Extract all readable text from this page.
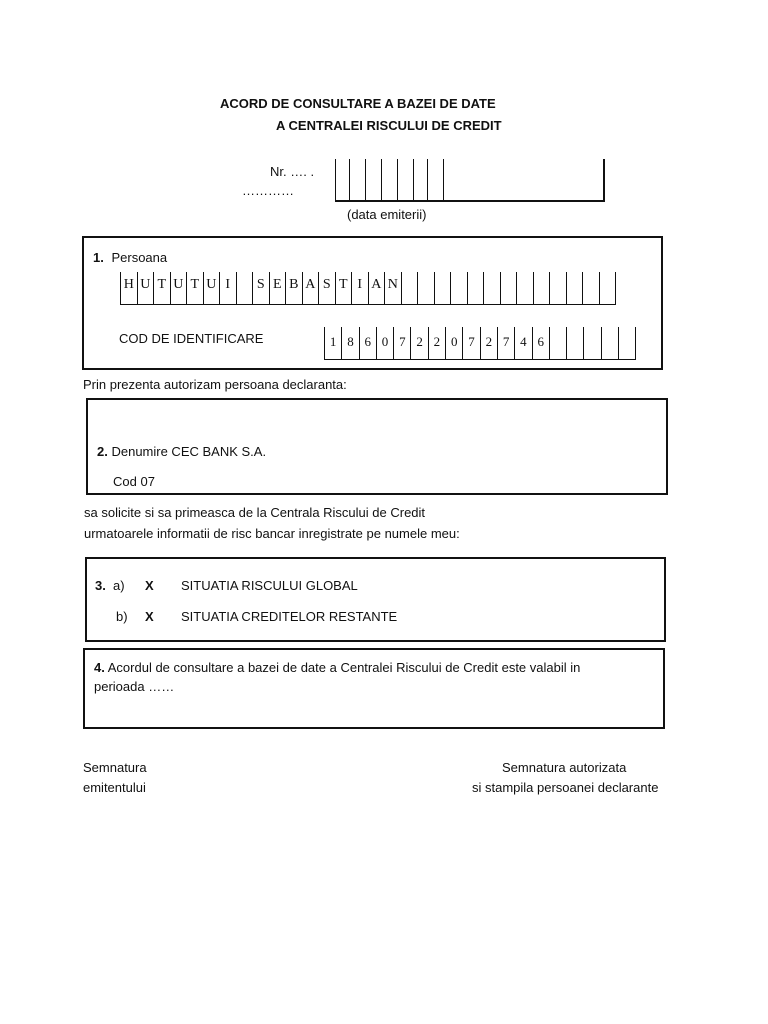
ACORD DE CONSULTARE A BAZEI DE DATE
A CENTRALEI RISCULUI DE CREDIT
Nr. …. .
…………
(data emiterii)
1. Persoana
H U T U T U I	S E B A S T I A N
COD DE IDENTIFICARE	1 8 6 0 7 2 2 0 7 2 7 4 6
Prin prezenta autorizam persoana declaranta:
2. Denumire CEC BANK S.A.
Cod 07
sa solicite si sa primeasca de la Centrala Riscului de Credit
urmatoarele informatii de risc bancar inregistrate pe numele meu:
3. a) X SITUATIA RISCULUI GLOBAL
b) X SITUATIA CREDITELOR RESTANTE
4. Acordul de consultare a bazei de date a Centralei Riscului de Credit este valabil in
perioada ……
Semnatura
emitentului
Semnatura autorizata
si stampila persoanei declarante
